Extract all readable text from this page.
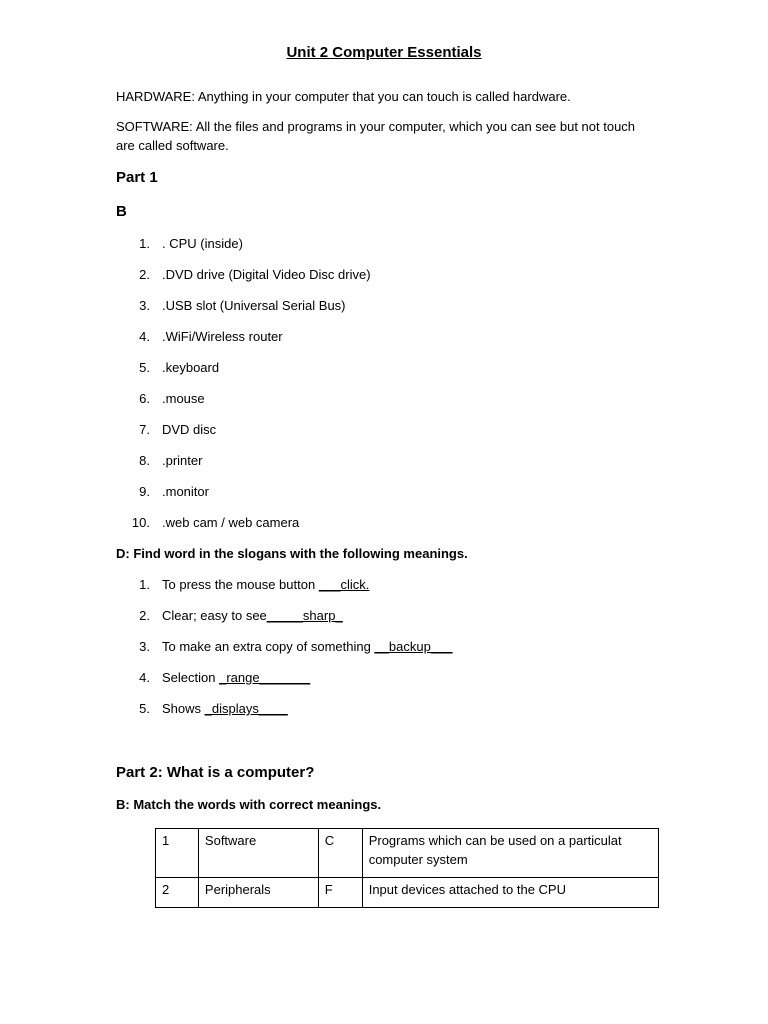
Unit 2 Computer Essentials
HARDWARE: Anything in your computer that you can touch is called hardware.
SOFTWARE: All the files and programs in your computer, which you can see but not touch
are called software.
Part 1
B
1. . CPU (inside)
2. .DVD drive (Digital Video Disc drive)
3. .USB slot (Universal Serial Bus)
4. .WiFi/Wireless router
5. .keyboard
6. .mouse
7. DVD disc
8. .printer
9. .monitor
10. .web cam / web camera
D: Find word in the slogans with the following meanings.
1. To press the mouse button ___click.
2. Clear; easy to see_____sharp_
3. To make an extra copy of something __backup___
4. Selection _range_______
5. Shows _displays____
Part 2: What is a computer?
B: Match the words with correct meanings.
1	Software	C	Programs which can be used on a particulat
computer system

2	Peripherals	F	Input devices attached to the CPU
